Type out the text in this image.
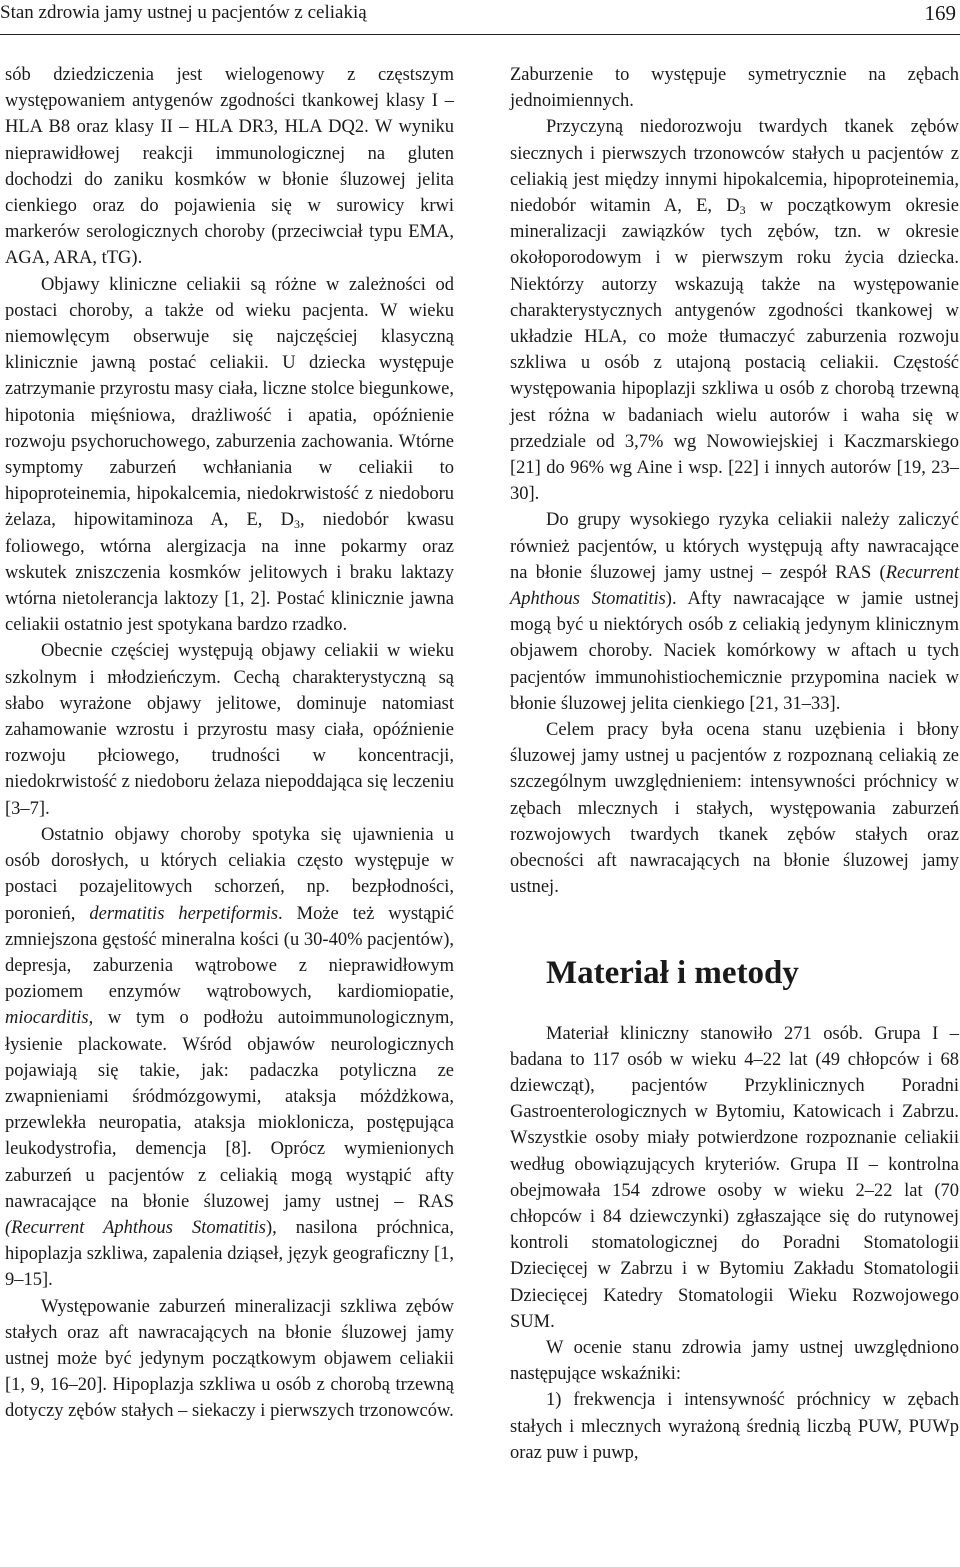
Stan zdrowia jamy ustnej u pacjentów z celiakią	169

sób dziedziczenia jest wielogenowy z częstszym występowaniem antygenów zgodności tkankowej klasy I – HLA B8 oraz klasy II – HLA DR3, HLA DQ2. W wyniku nieprawidłowej reakcji immunologicznej na gluten dochodzi do zaniku kosmków w błonie śluzowej jelita cienkiego oraz do pojawienia się w surowicy krwi markerów serologicznych choroby (przeciwciał typu EMA, AGA, ARA, tTG).

Objawy kliniczne celiakii są różne w zależności od postaci choroby, a także od wieku pacjenta. W wieku niemowlęcym obserwuje się najczęściej klasyczną klinicznie jawną postać celiakii. U dziecka występuje zatrzymanie przyrostu masy ciała, liczne stolce biegunkowe, hipotonia mięśniowa, drażliwość i apatia, opóźnienie rozwoju psychoruchowego, zaburzenia zachowania. Wtórne symptomy zaburzeń wchłaniania w celiakii to hipoproteinemia, hipokalcemia, niedokrwistość z niedoboru żelaza, hipowitaminoza A, E, $D_3$, niedobór kwasu foliowego, wtórna alergizacja na inne pokarmy oraz wskutek zniszczenia kosmków jelitowych i braku laktazy wtórna nietolerancja laktozy [1, 2]. Postać klinicznie jawna celiakii ostatnio jest spotykana bardzo rzadko.

Obecnie częściej występują objawy celiakii w wieku szkolnym i młodzieńczym. Cechą charakterystyczną są słabo wyrażone objawy jelitowe, dominuje natomiast zahamowanie wzrostu i przyrostu masy ciała, opóźnienie rozwoju płciowego, trudności w koncentracji, niedokrwistość z niedoboru żelaza niepoddająca się leczeniu [3–7].

Ostatnio objawy choroby spotyka się ujawnienia u osób dorosłych, u których celiakia często występuje w postaci pozajelitowych schorzeń, np. bezpłodności, poronień, dermatitis herpetiformis. Może też wystąpić zmniejszona gęstość mineralna kości (u 30-40% pacjentów), depresja, zaburzenia wątrobowe z nieprawidłowym poziomem enzymów wątrobowych, kardiomiopatie, miocarditis, w tym o podłożu autoimmunologicznym, łysienie plackowate. Wśród objawów neurologicznych pojawiają się takie, jak: padaczka potyliczna ze zwapnieniami śródmózgowymi, ataksja móżdżkowa, przewlekła neuropatia, ataksja mioklonicza, postępująca leukodystrofia, demencja [8]. Oprócz wymienionych zaburzeń u pacjentów z celiakią mogą wystąpić afty nawracające na błonie śluzowej jamy ustnej – RAS (Recurrent Aphthous Stomatitis), nasilona próchnica, hipoplazja szkliwa, zapalenia dziąseł, język geograficzny [1, 9–15].

Występowanie zaburzeń mineralizacji szkliwa zębów stałych oraz aft nawracających na błonie śluzowej jamy ustnej może być jedynym początkowym objawem celiakii [1, 9, 16–20]. Hipoplazja szkliwa u osób z chorobą trzewną dotyczy zębów stałych – siekaczy i pierwszych trzonowców.

Zaburzenie to występuje symetrycznie na zębach jednoimiennych.

Przyczyną niedorozwoju twardych tkanek zębów siecznych i pierwszych trzonowców stałych u pacjentów z celiakią jest między innymi hipokalcemia, hipoproteinemia, niedobór witamin A, E, $D_3$ w początkowym okresie mineralizacji zawiązków tych zębów, tzn. w okresie okołoporodowym i w pierwszym roku życia dziecka. Niektórzy autorzy wskazują także na występowanie charakterystycznych antygenów zgodności tkankowej w układzie HLA, co może tłumaczyć zaburzenia rozwoju szkliwa u osób z utajoną postacią celiakii. Częstość występowania hipoplazji szkliwa u osób z chorobą trzewną jest różna w badaniach wielu autorów i waha się w przedziale od 3,7% wg Nowowiejskiej i Kaczmarskiego [21] do 96% wg Aine i wsp. [22] i innych autorów [19, 23–30].

Do grupy wysokiego ryzyka celiakii należy zaliczyć również pacjentów, u których występują afty nawracające na błonie śluzowej jamy ustnej – zespół RAS (Recurrent Aphthous Stomatitis). Afty nawracające w jamie ustnej mogą być u niektórych osób z celiakią jedynym klinicznym objawem choroby. Naciek komórkowy w aftach u tych pacjentów immunohistiochemicznie przypomina naciek w błonie śluzowej jelita cienkiego [21, 31–33].

Celem pracy była ocena stanu uzębienia i błony śluzowej jamy ustnej u pacjentów z rozpoznaną celiakią ze szczególnym uwzględnieniem: intensywności próchnicy w zębach mlecznych i stałych, występowania zaburzeń rozwojowych twardych tkanek zębów stałych oraz obecności aft nawracających na błonie śluzowej jamy ustnej.

Materiał i metody

Materiał kliniczny stanowiło 271 osób. Grupa I – badana to 117 osób w wieku 4–22 lat (49 chłopców i 68 dziewcząt), pacjentów Przyklinicznych Poradni Gastroenterologicznych w Bytomiu, Katowicach i Zabrzu. Wszystkie osoby miały potwierdzone rozpoznanie celiakii według obowiązujących kryteriów. Grupa II – kontrolna obejmowała 154 zdrowe osoby w wieku 2–22 lat (70 chłopców i 84 dziewczynki) zgłaszające się do rutynowej kontroli stomatologicznej do Poradni Stomatologii Dziecięcej w Zabrzu i w Bytomiu Zakładu Stomatologii Dziecięcej Katedry Stomatologii Wieku Rozwojowego SUM.

W ocenie stanu zdrowia jamy ustnej uwzględniono następujące wskaźniki:

1) frekwencja i intensywność próchnicy w zębach stałych i mlecznych wyrażoną średnią liczbą PUW, PUWp oraz puw i puwp,
